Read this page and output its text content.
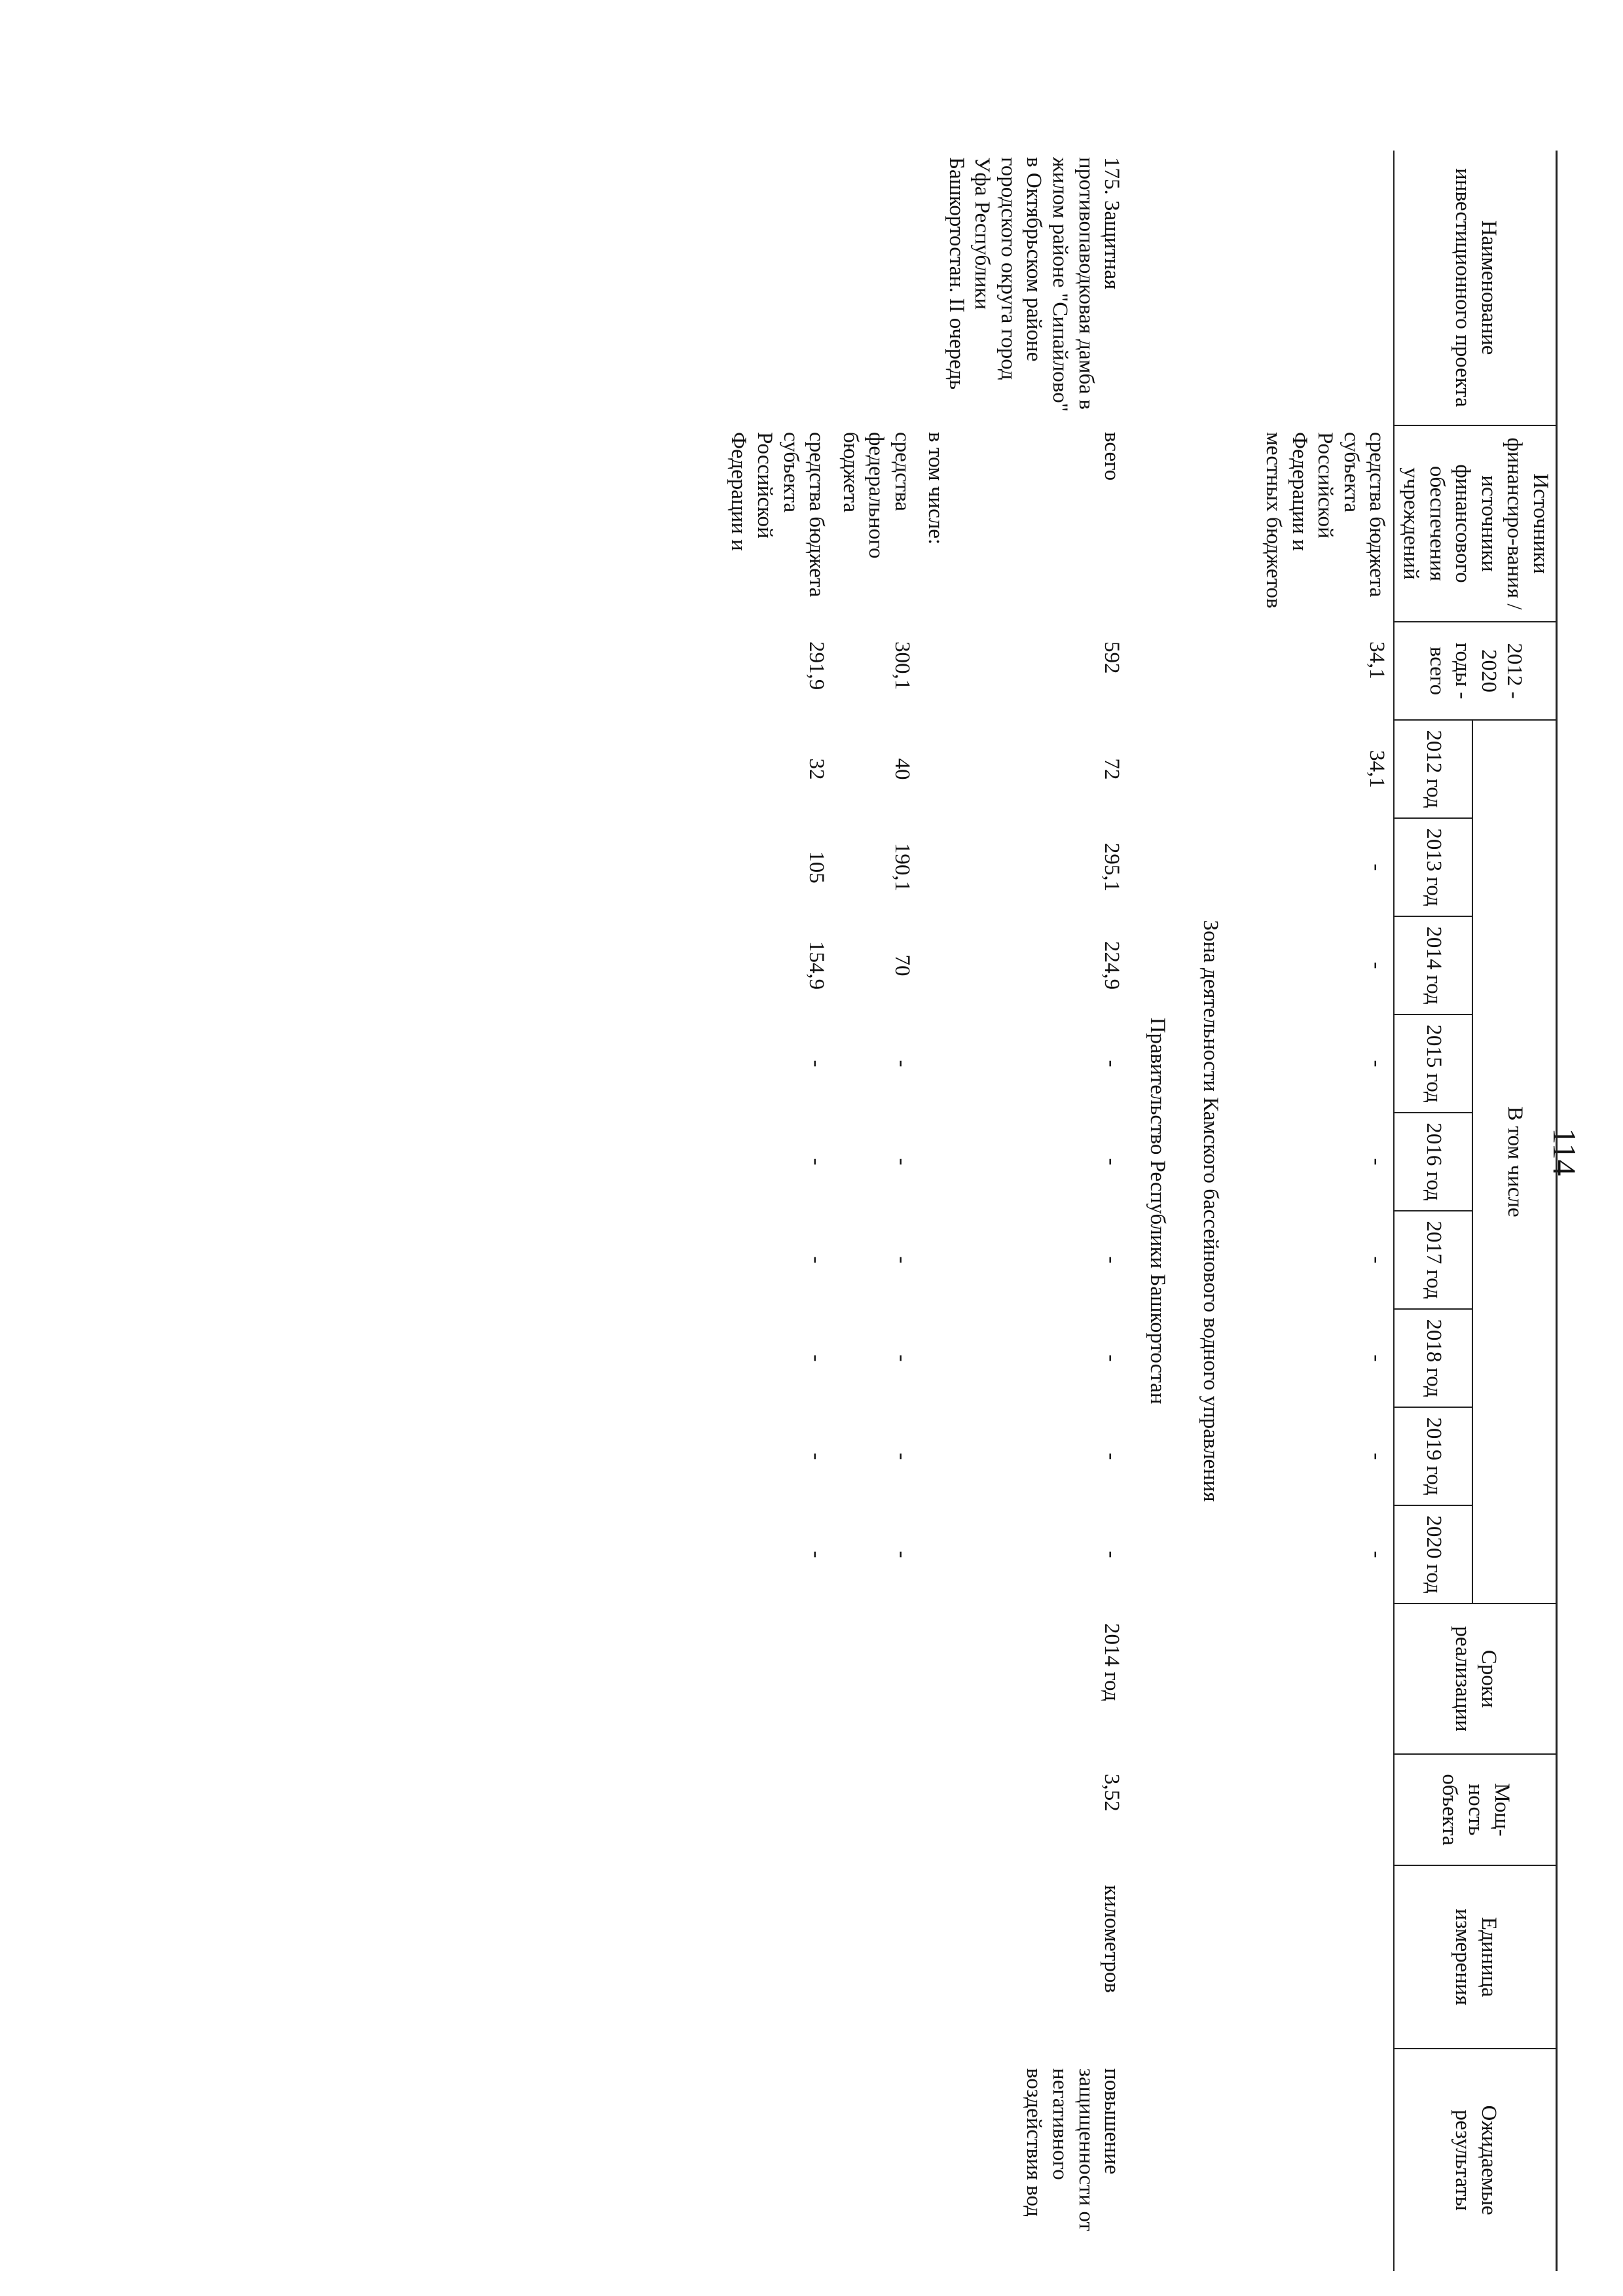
114
Наименование инвестиционного проекта	Источники финансиро-вания / источники финансового обеспечения учреждений	2012 - 2020 годы - всего	В том числе									Сроки реализации	Мощ-ность объекта	Единица измерения	Ожидаемые результаты
			2012 год	2013 год	2014 год	2015 год	2016 год	2017 год	2018 год	2019 год	2020 год				
	средства бюджета субъекта Российской Федерации и местных бюджетов	34,1	34,1	-	-	-	-	-	-	-	-				
Зона деятельности Камского бассейнового водного управления															
Правительство Республики Башкортостан															
175. Защитная противопаводковая дамба в жилом районе "Сипайлово" в Октябрьском районе городского округа город Уфа Республики Башкортостан. II очередь	всего	592	72	295,1	224,9	-	-	-	-	-	-	2014 год	3,52	километров	повышение защищенности от негативного воздействия вод
	в том числе:														
	средства федерального бюджета	300,1	40	190,1	70	-	-	-	-	-	-				
	средства бюджета субъекта Российской Федерации и	291,9	32	105	154,9	-	-	-	-	-	-				
